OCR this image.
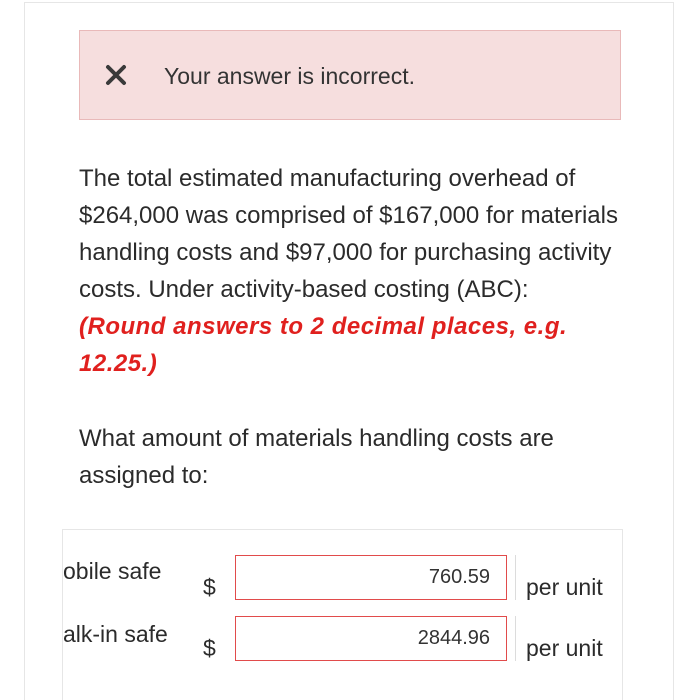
Your answer is incorrect.
The total estimated manufacturing overhead of $264,000 was comprised of $167,000 for materials handling costs and $97,000 for purchasing activity costs. Under activity-based costing (ABC): (Round answers to 2 decimal places, e.g. 12.25.)
What amount of materials handling costs are assigned to:
obile safe
$
760.59	per unit
alk-in safe
$
2844.96	per unit
